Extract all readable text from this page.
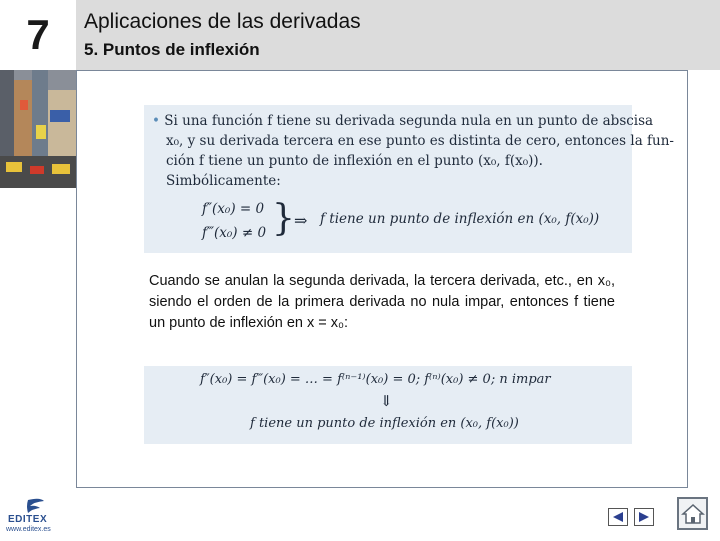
7	Aplicaciones de las derivadas
5. Puntos de inflexión
• Si una función f tiene su derivada segunda nula en un punto de abscisa
x₀, y su derivada tercera en ese punto es distinta de cero, entonces la fun-
ción f tiene un punto de inflexión en el punto (x₀, f(x₀)).
Simbólicamente:
f″(x₀) = 0
f‴(x₀) ≠ 0 } ⇒ f tiene un punto de inflexión en (x₀, f(x₀))
Cuando se anulan la segunda derivada, la tercera derivada, etc., en x₀, siendo el orden de la primera derivada no nula impar, entonces f tiene un punto de inflexión en x = x₀:
f″(x₀) = f‴(x₀) = … = f⁽ⁿ⁻¹⁾(x₀) = 0; f⁽ⁿ⁾(x₀) ≠ 0; n impar
⇓
f tiene un punto de inflexión en (x₀, f(x₀))
EDITEX
www.editex.es
